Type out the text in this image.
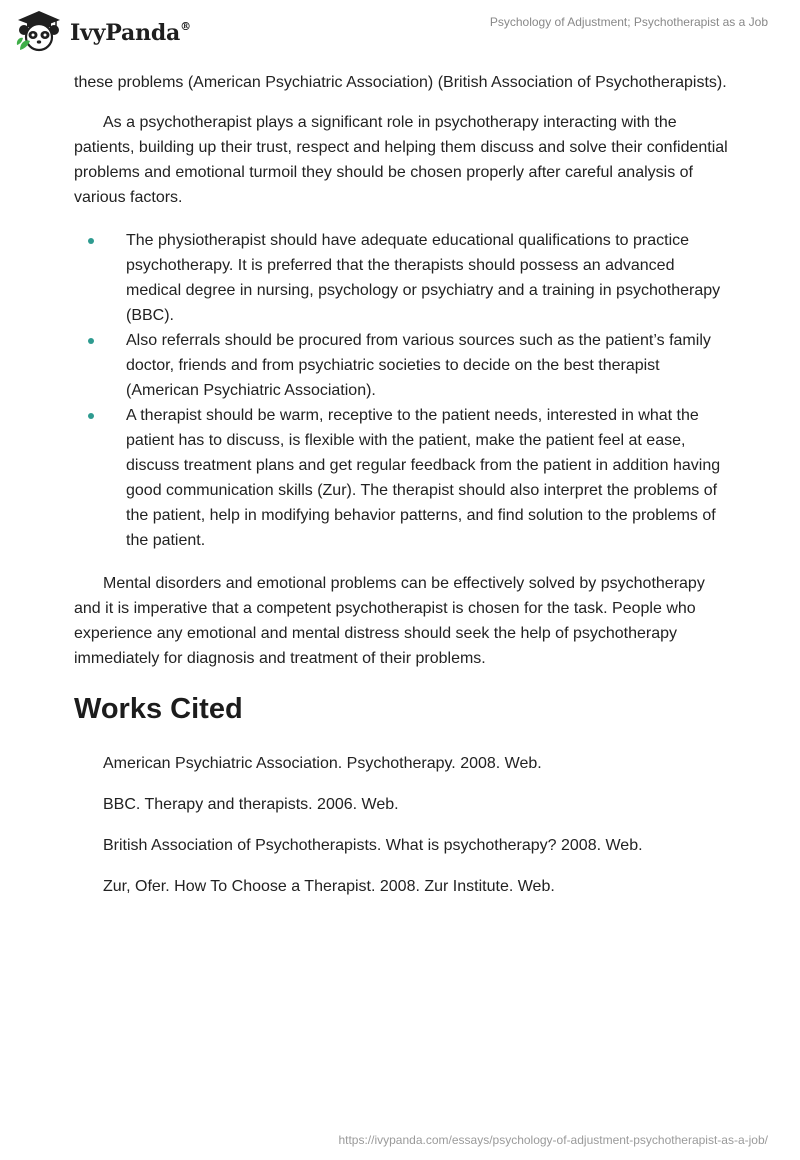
IvyPanda®	Psychology of Adjustment; Psychotherapist as a Job

these problems (American Psychiatric Association) (British Association of Psychotherapists).

As a psychotherapist plays a significant role in psychotherapy interacting with the patients, building up their trust, respect and helping them discuss and solve their confidential problems and emotional turmoil they should be chosen properly after careful analysis of various factors.

The physiotherapist should have adequate educational qualifications to practice psychotherapy. It is preferred that the therapists should possess an advanced medical degree in nursing, psychology or psychiatry and a training in psychotherapy (BBC).
Also referrals should be procured from various sources such as the patient’s family doctor, friends and from psychiatric societies to decide on the best therapist (American Psychiatric Association).
A therapist should be warm, receptive to the patient needs, interested in what the patient has to discuss, is flexible with the patient, make the patient feel at ease, discuss treatment plans and get regular feedback from the patient in addition having good communication skills (Zur). The therapist should also interpret the problems of the patient, help in modifying behavior patterns, and find solution to the problems of the patient.

Mental disorders and emotional problems can be effectively solved by psychotherapy and it is imperative that a competent psychotherapist is chosen for the task. People who experience any emotional and mental distress should seek the help of psychotherapy immediately for diagnosis and treatment of their problems.

Works Cited

American Psychiatric Association. Psychotherapy. 2008. Web.

BBC. Therapy and therapists. 2006. Web.

British Association of Psychotherapists. What is psychotherapy? 2008. Web.

Zur, Ofer. How To Choose a Therapist. 2008. Zur Institute. Web.

https://ivypanda.com/essays/psychology-of-adjustment-psychotherapist-as-a-job/
